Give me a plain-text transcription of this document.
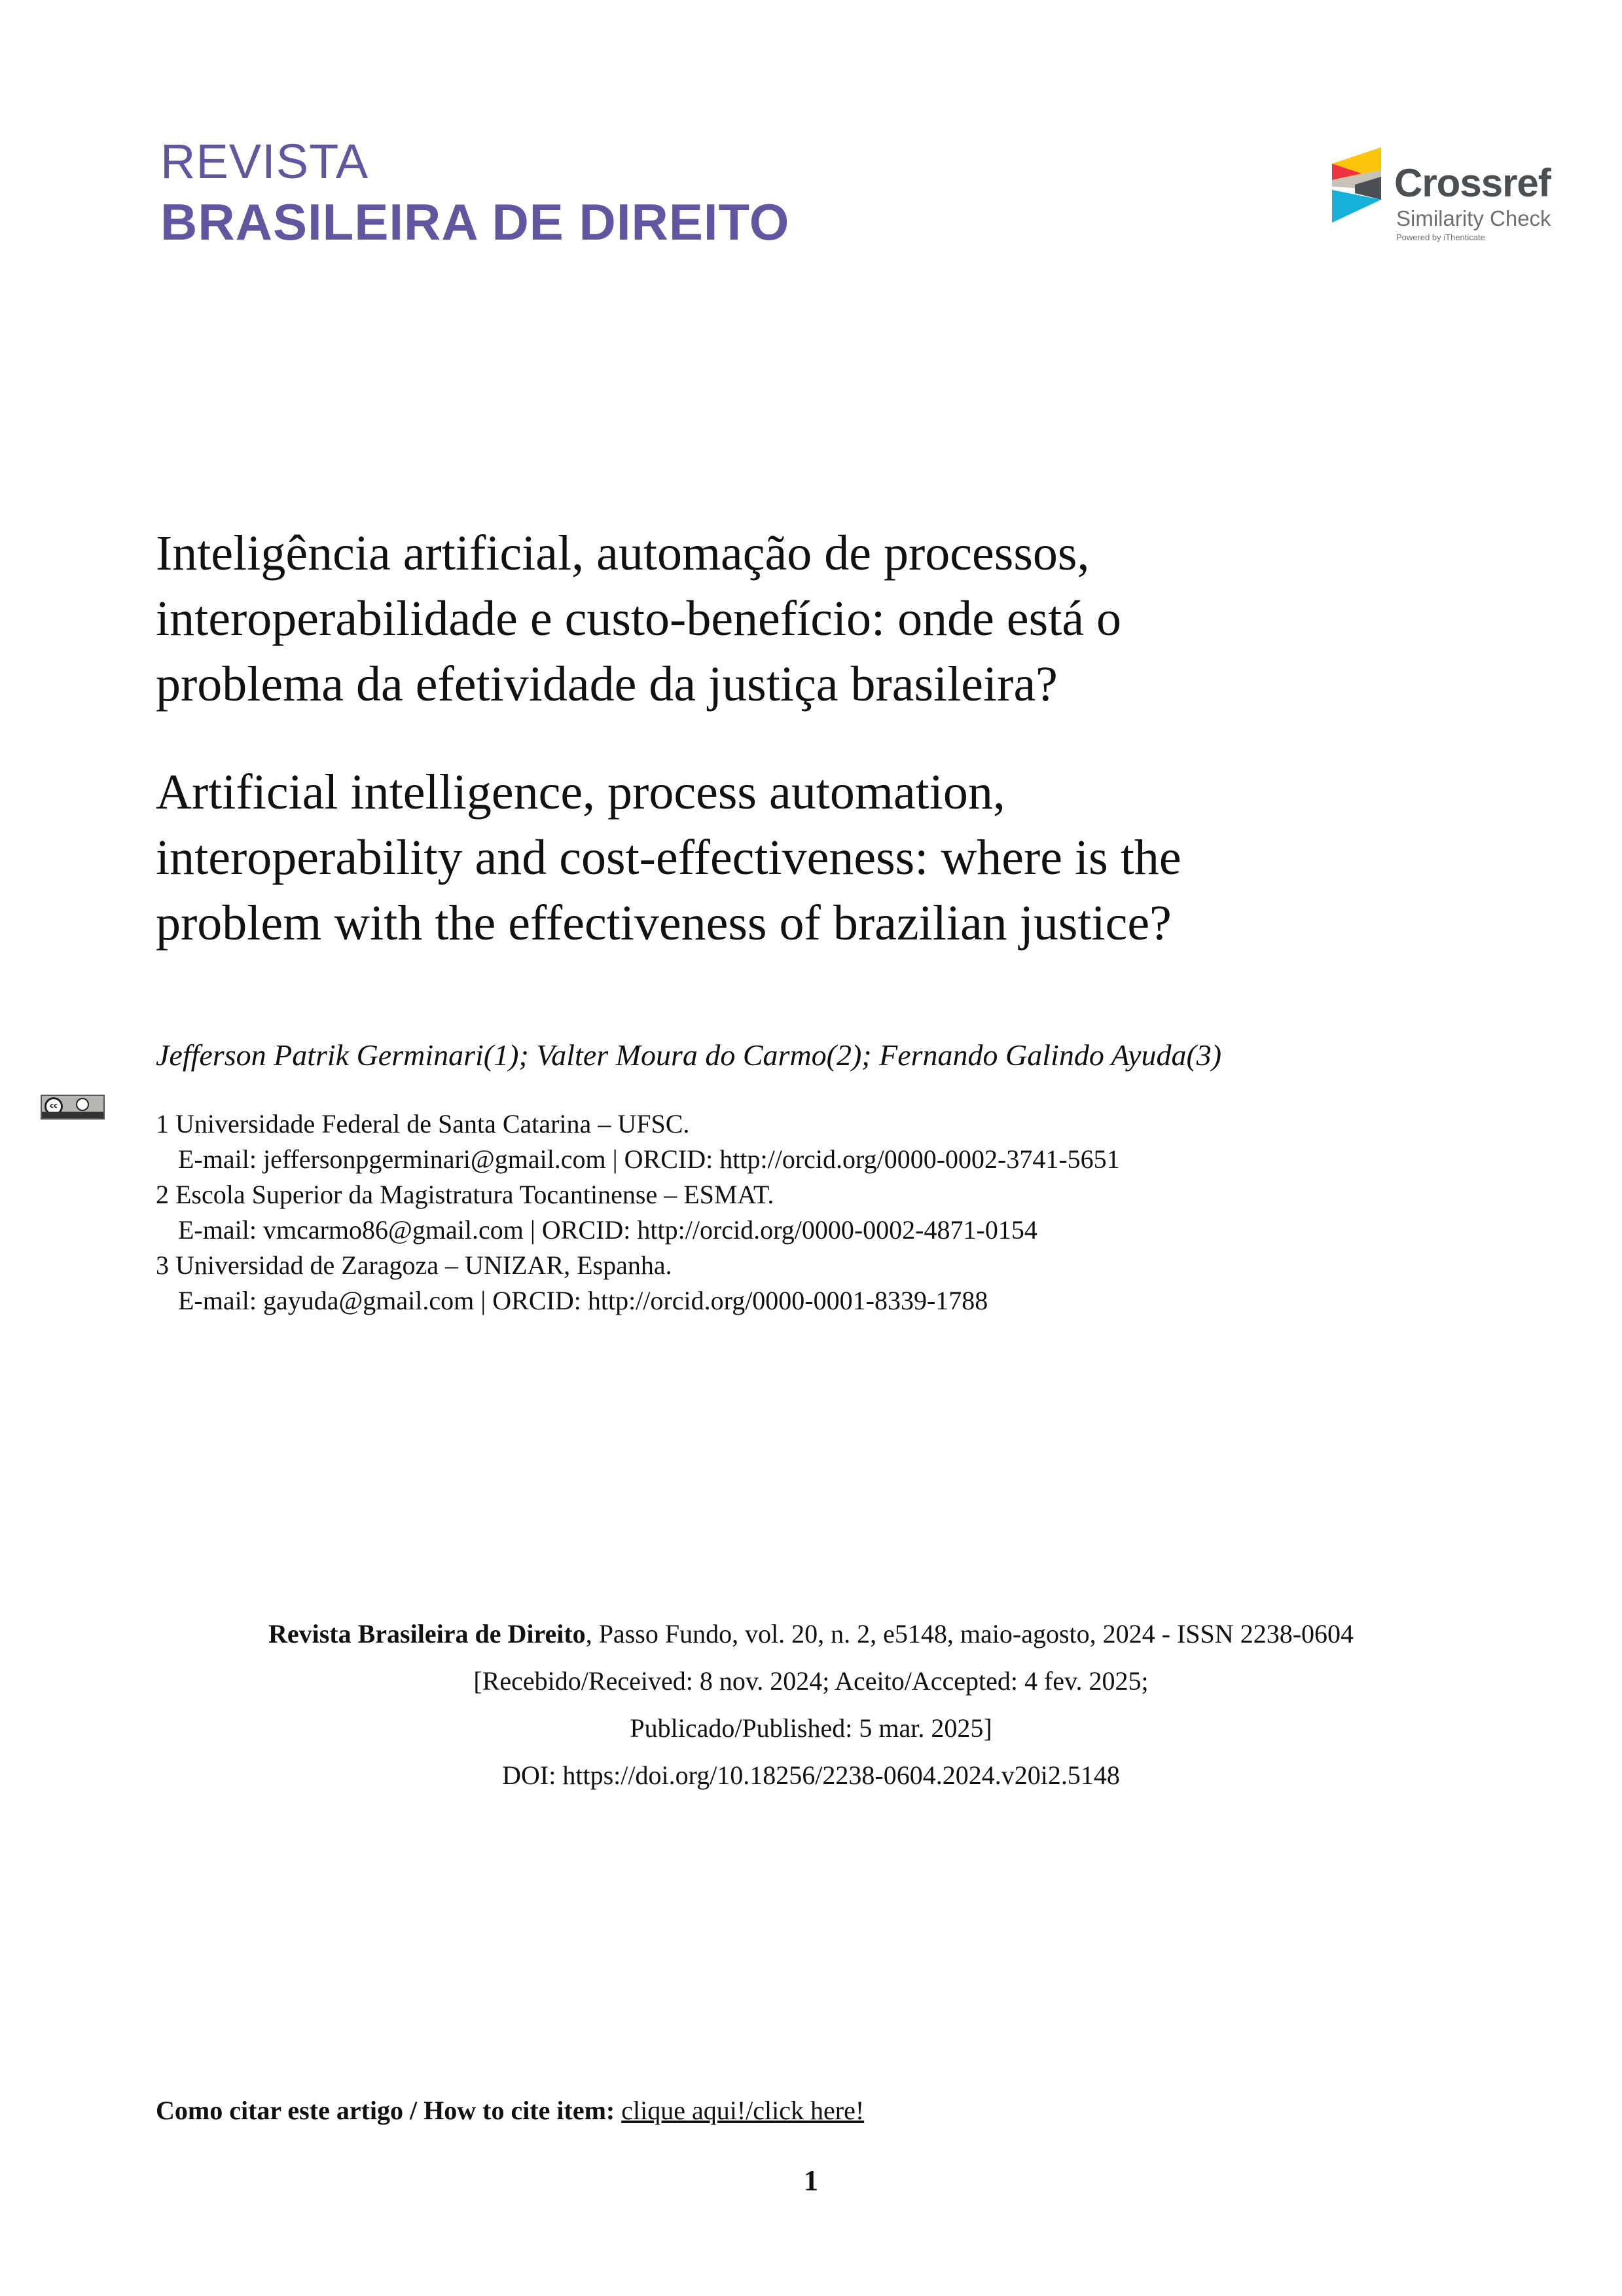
REVISTA
BRASILEIRA DE DIREITO
Crossref
Similarity Check
Powered by iThenticate
Inteligência artificial, automação de processos,
interoperabilidade e custo-benefício: onde está o
problema da efetividade da justiça brasileira?
Artificial intelligence, process automation,
interoperability and cost-effectiveness: where is the
problem with the effectiveness of brazilian justice?
Jefferson Patrik Germinari(1); Valter Moura do Carmo(2); Fernando Galindo Ayuda(3)
cc
1 Universidade Federal de Santa Catarina – UFSC.
E-mail: jeffersonpgerminari@gmail.com | ORCID: http://orcid.org/0000-0002-3741-5651
2 Escola Superior da Magistratura Tocantinense – ESMAT.
E-mail: vmcarmo86@gmail.com | ORCID: http://orcid.org/0000-0002-4871-0154
3 Universidad de Zaragoza – UNIZAR, Espanha.
E-mail: gayuda@gmail.com | ORCID: http://orcid.org/0000-0001-8339-1788
Revista Brasileira de Direito, Passo Fundo, vol. 20, n. 2, e5148, maio-agosto, 2024 - ISSN 2238-0604
[Recebido/Received: 8 nov. 2024; Aceito/Accepted: 4 fev. 2025;
Publicado/Published: 5 mar. 2025]
DOI: https://doi.org/10.18256/2238-0604.2024.v20i2.5148
Como citar este artigo / How to cite item: clique aqui!/click here!
1
